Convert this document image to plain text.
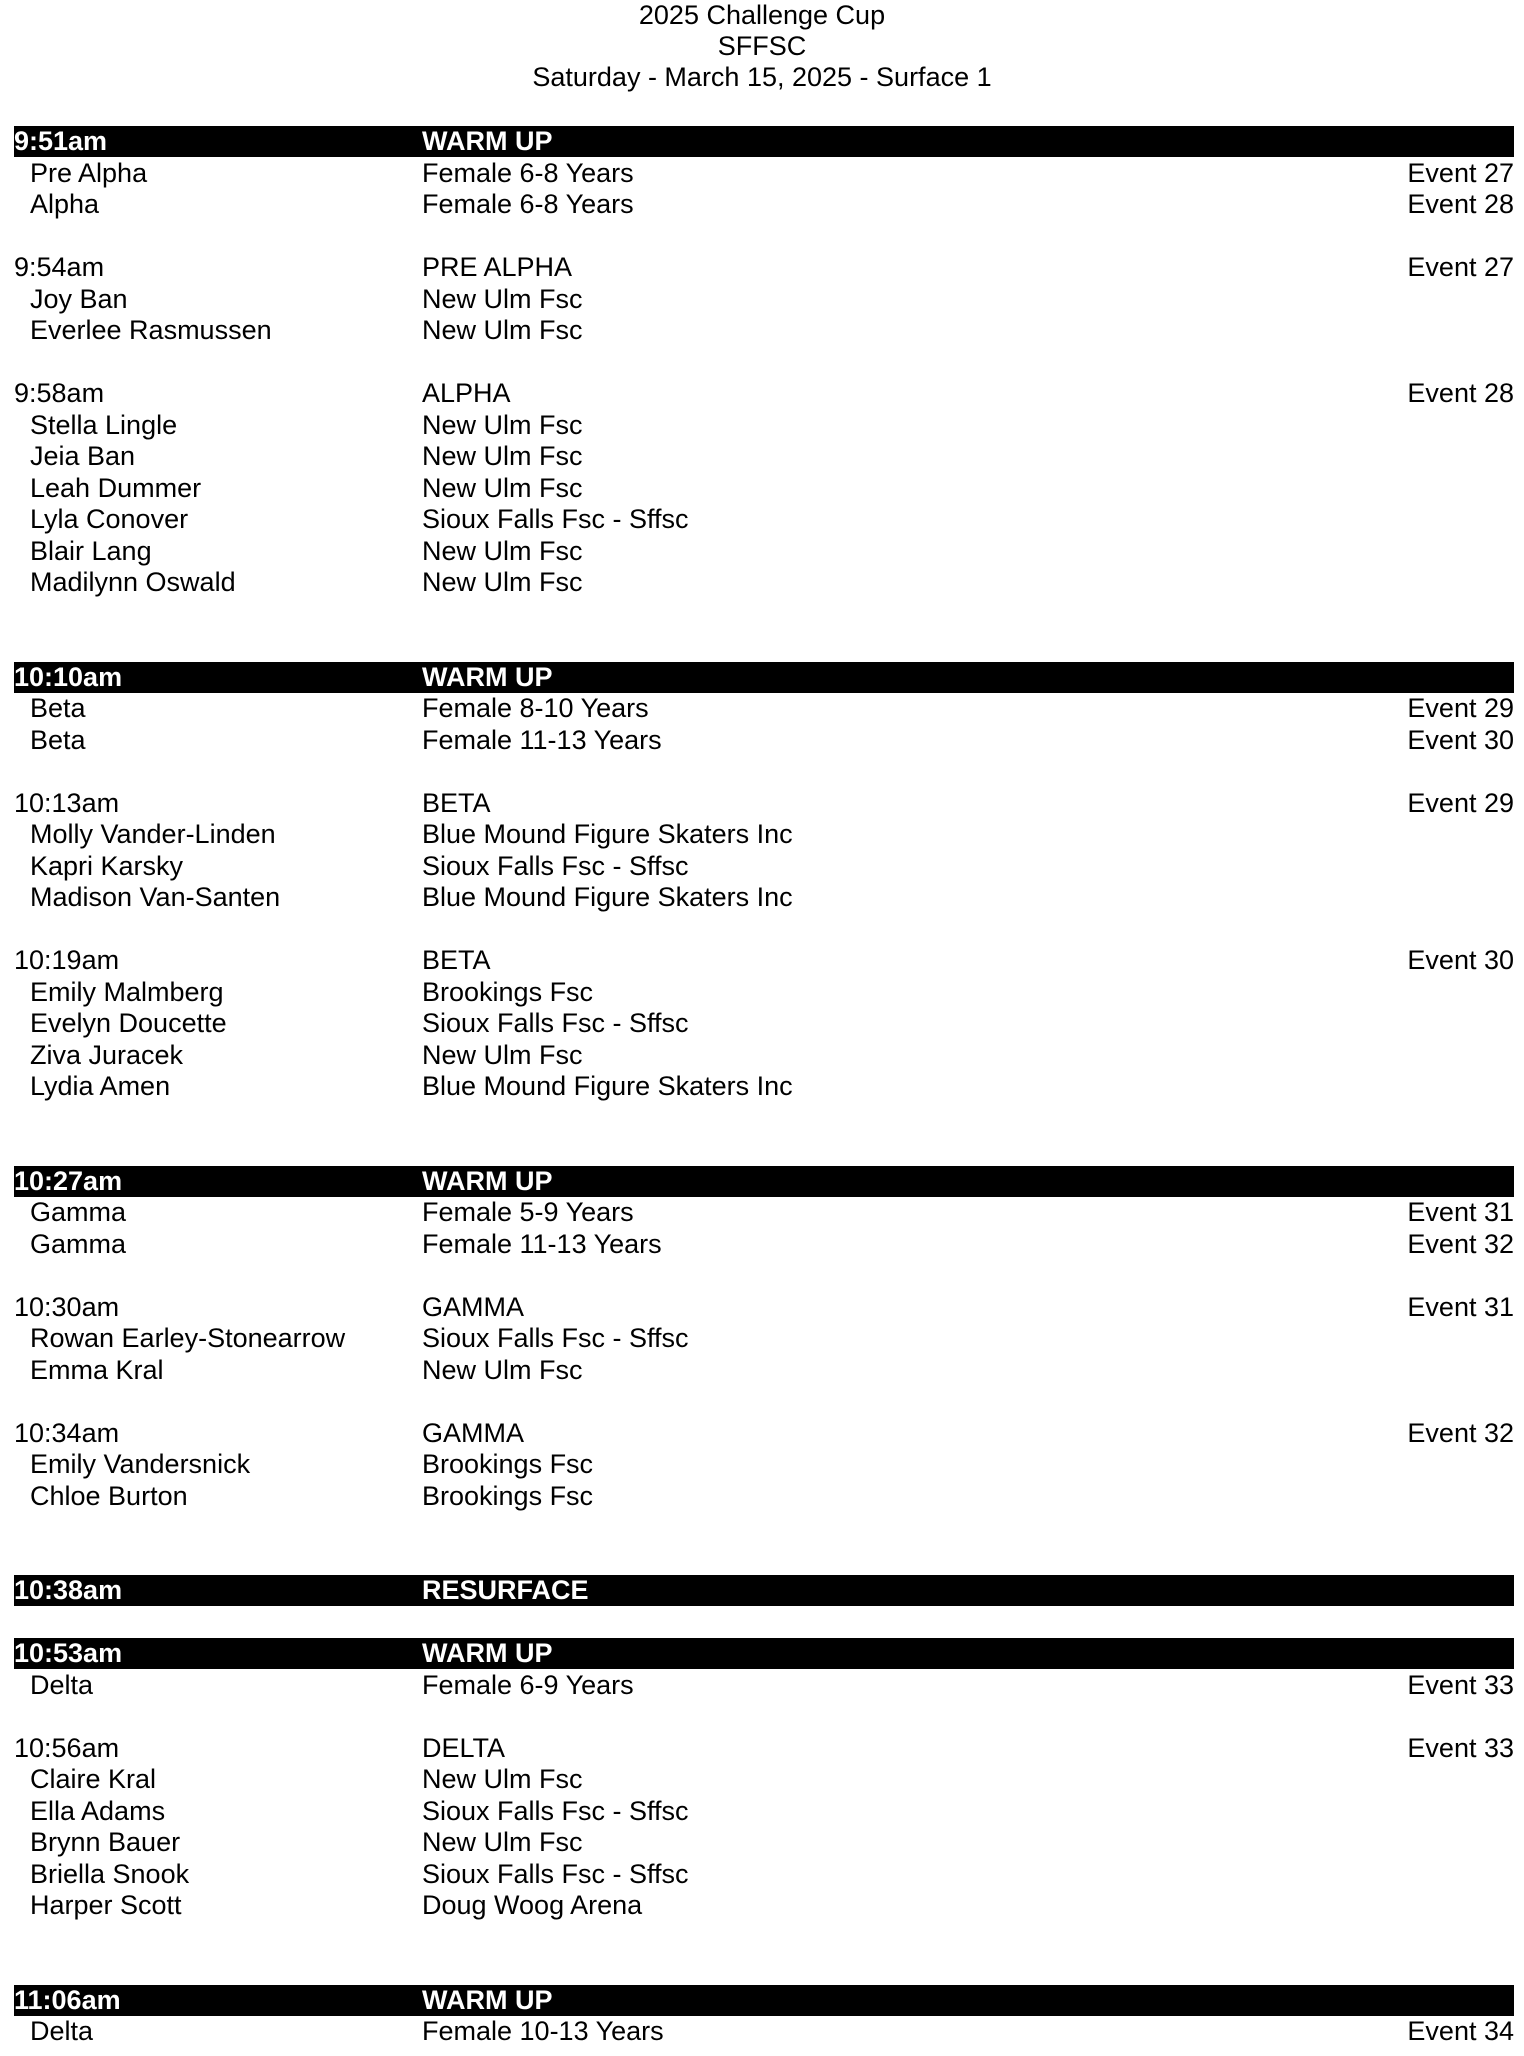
2025 Challenge Cup
SFFSC
Saturday - March 15, 2025 - Surface 1
9:51am	WARM UP
Pre Alpha	Female 6-8 Years	Event 27
Alpha	Female 6-8 Years	Event 28
9:54am	PRE ALPHA	Event 27
Joy Ban	New Ulm Fsc
Everlee Rasmussen	New Ulm Fsc
9:58am	ALPHA	Event 28
Stella Lingle	New Ulm Fsc
Jeia Ban	New Ulm Fsc
Leah Dummer	New Ulm Fsc
Lyla Conover	Sioux Falls Fsc - Sffsc
Blair Lang	New Ulm Fsc
Madilynn Oswald	New Ulm Fsc
10:10am	WARM UP
Beta	Female 8-10 Years	Event 29
Beta	Female 11-13 Years	Event 30
10:13am	BETA	Event 29
Molly Vander-Linden	Blue Mound Figure Skaters Inc
Kapri Karsky	Sioux Falls Fsc - Sffsc
Madison Van-Santen	Blue Mound Figure Skaters Inc
10:19am	BETA	Event 30
Emily Malmberg	Brookings Fsc
Evelyn Doucette	Sioux Falls Fsc - Sffsc
Ziva Juracek	New Ulm Fsc
Lydia Amen	Blue Mound Figure Skaters Inc
10:27am	WARM UP
Gamma	Female 5-9 Years	Event 31
Gamma	Female 11-13 Years	Event 32
10:30am	GAMMA	Event 31
Rowan Earley-Stonearrow	Sioux Falls Fsc - Sffsc
Emma Kral	New Ulm Fsc
10:34am	GAMMA	Event 32
Emily Vandersnick	Brookings Fsc
Chloe Burton	Brookings Fsc
10:38am	RESURFACE
10:53am	WARM UP
Delta	Female 6-9 Years	Event 33
10:56am	DELTA	Event 33
Claire Kral	New Ulm Fsc
Ella Adams	Sioux Falls Fsc - Sffsc
Brynn Bauer	New Ulm Fsc
Briella Snook	Sioux Falls Fsc - Sffsc
Harper Scott	Doug Woog Arena
11:06am	WARM UP
Delta	Female 10-13 Years	Event 34
